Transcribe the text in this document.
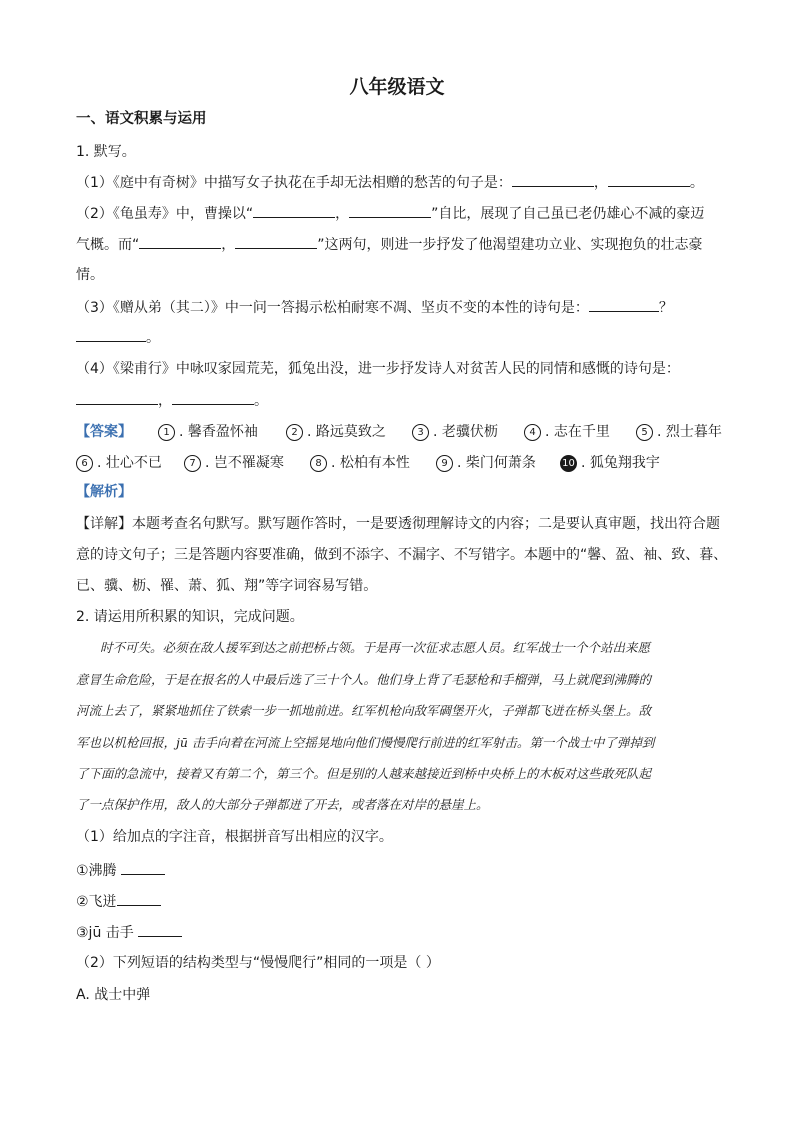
八年级语文
一、语文积累与运用
1. 默写。
（1）《庭中有奇树》中描写女子执花在手却无法相赠的愁苦的句子是：	，	。
（2）《龟虽寿》中，曹操以“	，	”自比，展现了自己虽已老仍雄心不减的豪迈
气概。而“	，	”这两句，则进一步抒发了他渴望建功立业、实现抱负的壮志豪
情。
（3）《赠从弟（其二）》中一问一答揭示松柏耐寒不凋、坚贞不变的本性的诗句是：	？
。
（4）《梁甫行》中咏叹家园荒芜，狐兔出没，进一步抒发诗人对贫苦人民的同情和感慨的诗句是：
，	。
【答案】	1 . 馨香盈怀袖	2 . 路远莫致之	3 . 老骥伏枥	4 . 志在千里	5 . 烈士暮年
6 . 壮心不已	7 . 岂不罹凝寒	8 . 松柏有本性	9 . 柴门何萧条	10 . 狐兔翔我宇
【解析】
【详解】本题考查名句默写。默写题作答时，一是要透彻理解诗文的内容；二是要认真审题，找出符合题
意的诗文句子；三是答题内容要准确，做到不添字、不漏字、不写错字。本题中的“馨、盈、袖、致、暮、
已、骥、枥、罹、萧、狐、翔”等字词容易写错。
2. 请运用所积累的知识，完成问题。
时不可失。必须在敌人援军到达之前把桥占领。于是再一次征求志愿人员。红军战士一个个站出来愿
意冒生命危险，于是在报名的人中最后选了三十个人。他们身上背了毛瑟枪和手榴弹，马上就爬到沸腾的
河流上去了，紧紧地抓住了铁索一步一抓地前进。红军机枪向敌军碉堡开火，子弹都飞迸在桥头堡上。敌
军也以机枪回报，jū 击手向着在河流上空摇晃地向他们慢慢爬行前进的红军射击。第一个战士中了弹掉到
了下面的急流中，接着又有第二个，第三个。但是别的人越来越接近到桥中央桥上的木板对这些敢死队起
了一点保护作用，敌人的大部分子弹都迸了开去，或者落在对岸的悬崖上。
（1）给加点的字注音，根据拼音写出相应的汉字。
①沸腾
②飞迸
③jū 击手
（2）下列短语的结构类型与“慢慢爬行”相同的一项是（ ）
A. 战士中弹
